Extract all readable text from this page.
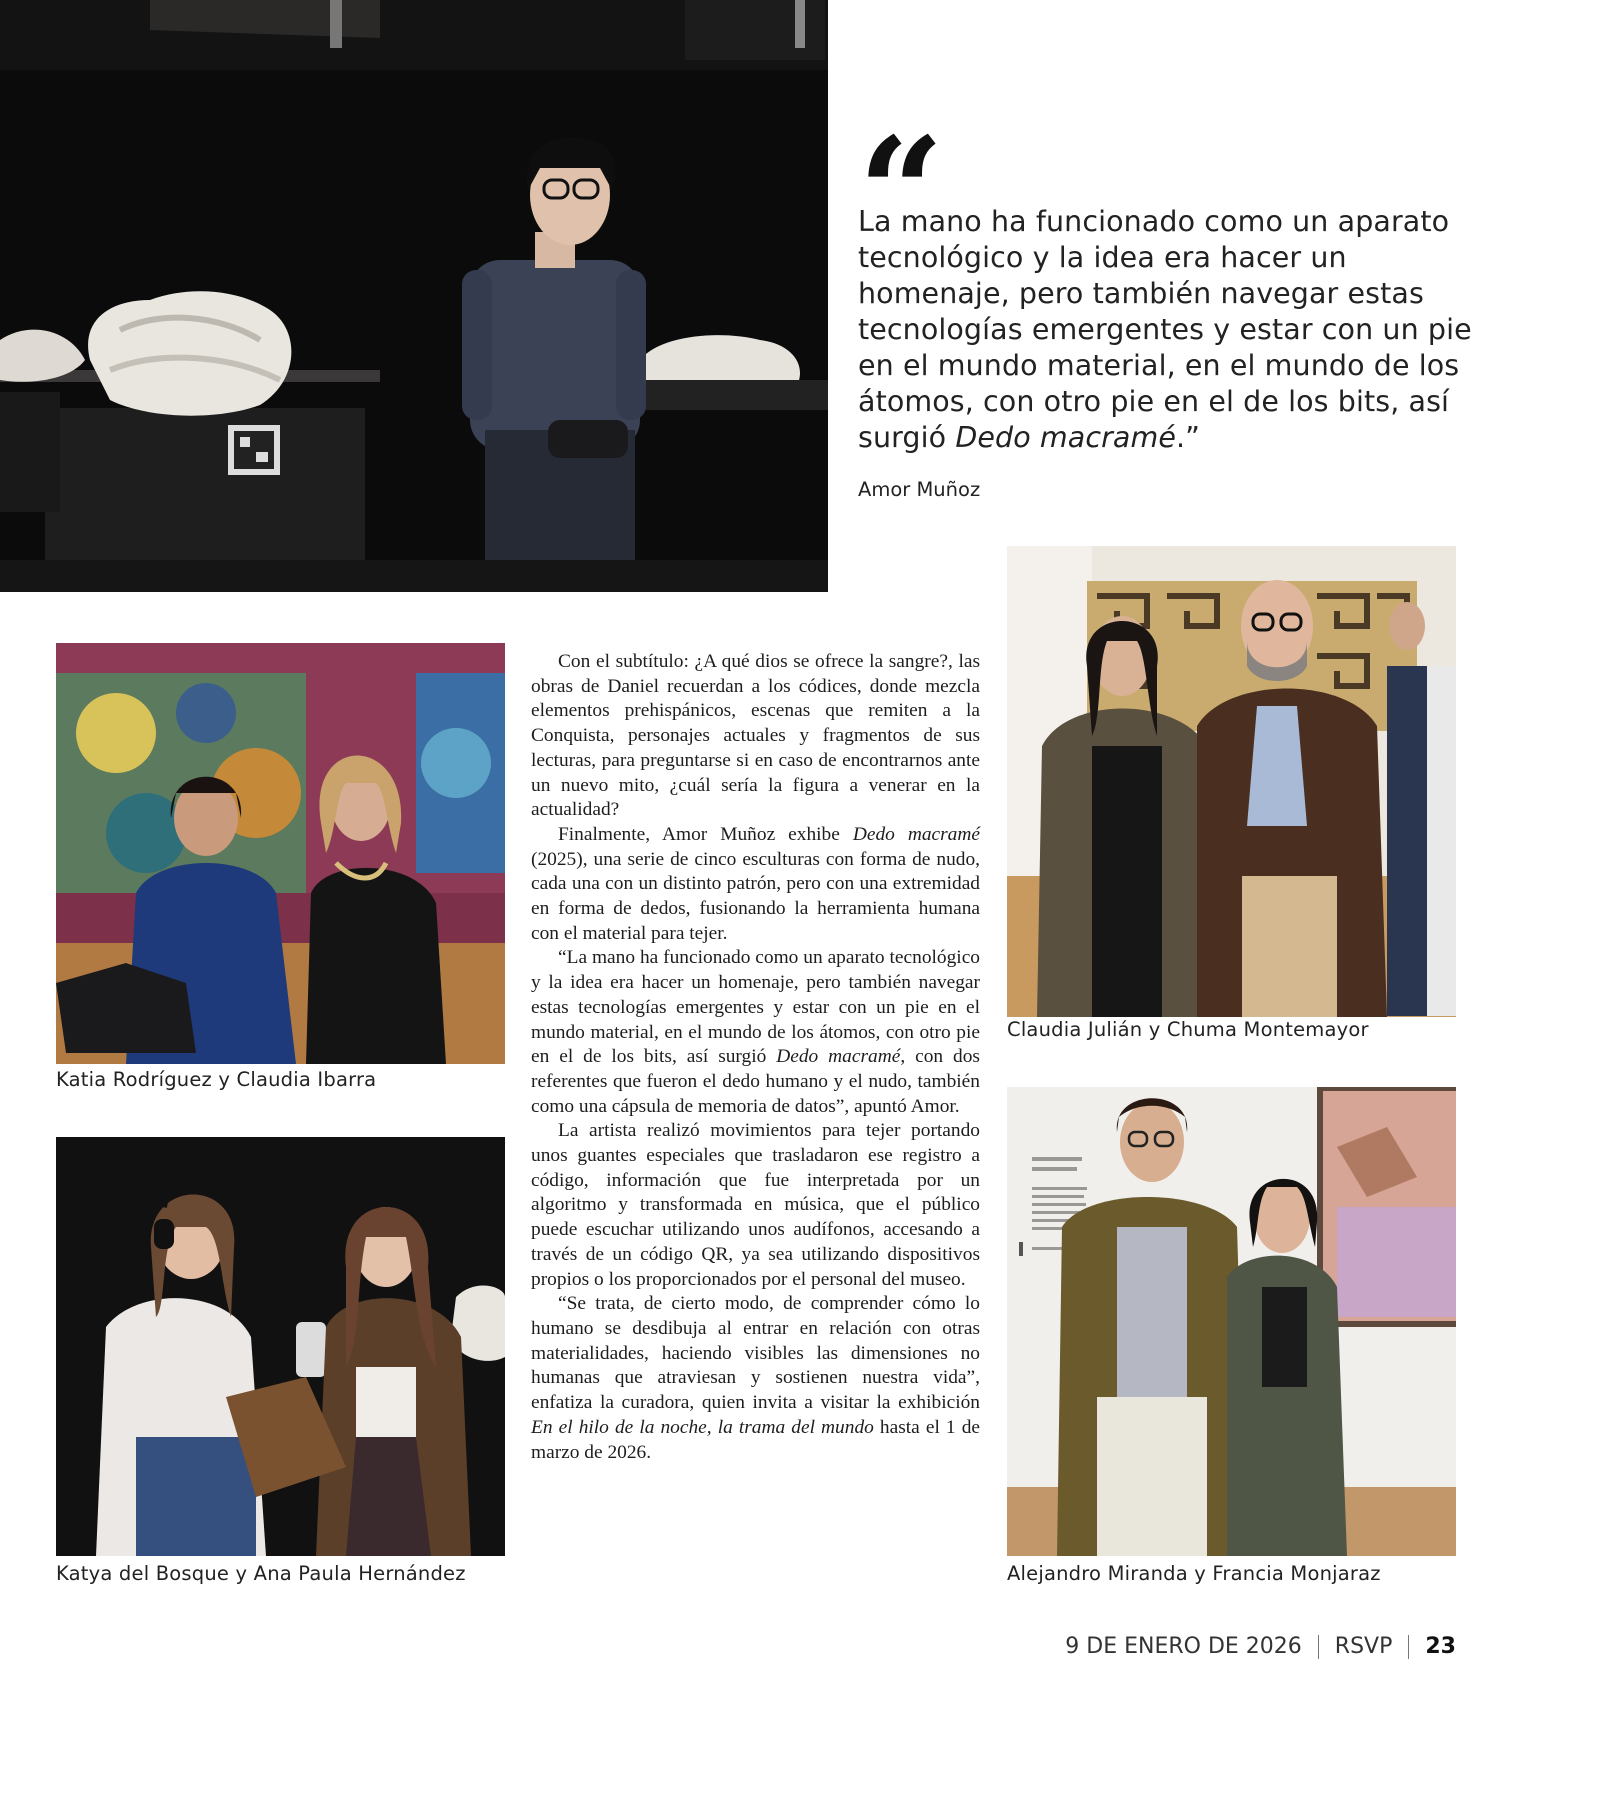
“
La mano ha funcionado como un aparato tecnológico y la idea era hacer un homenaje, pero también navegar estas tecnologías emergentes y estar con un pie en el mundo material, en el mundo de los átomos, con otro pie en el de los bits, así surgió Dedo macramé.”
Amor Muñoz
Katia Rodríguez y Claudia Ibarra
Katya del Bosque y Ana Paula Hernández

Con el subtítulo: ¿A qué dios se ofrece la sangre?, las obras de Daniel recuerdan a los códices, donde mezcla elementos prehispánicos, escenas que remiten a la Conquista, personajes actuales y fragmentos de sus lecturas, para preguntarse si en caso de encontrarnos ante un nuevo mito, ¿cuál sería la figura a venerar en la actualidad?

Finalmente, Amor Muñoz exhibe Dedo macramé (2025), una serie de cinco esculturas con forma de nudo, cada una con un distinto patrón, pero con una extremidad en forma de dedos, fusionando la herramienta humana con el material para tejer.

“La mano ha funcionado como un aparato tecnológico y la idea era hacer un homenaje, pero también navegar estas tecnologías emergentes y estar con un pie en el mundo material, en el mundo de los átomos, con otro pie en el de los bits, así surgió Dedo macramé, con dos referentes que fueron el dedo humano y el nudo, también como una cápsula de memoria de datos”, apuntó Amor.

La artista realizó movimientos para tejer portando unos guantes especiales que trasladaron ese registro a código, información que fue interpretada por un algoritmo y transformada en música, que el público puede escuchar utilizando unos audífonos, accesando a través de un código QR, ya sea utilizando dispositivos propios o los proporcionados por el personal del museo.

“Se trata, de cierto modo, de comprender cómo lo humano se desdibuja al entrar en relación con otras materialidades, haciendo visibles las dimensiones no humanas que atraviesan y sostienen nuestra vida”, enfatiza la curadora, quien invita a visitar la exhibición En el hilo de la noche, la trama del mundo hasta el 1 de marzo de 2026.

Claudia Julián y Chuma Montemayor
Alejandro Miranda y Francia Monjaraz
9 DE ENERO DE 2026 RSVP 23
